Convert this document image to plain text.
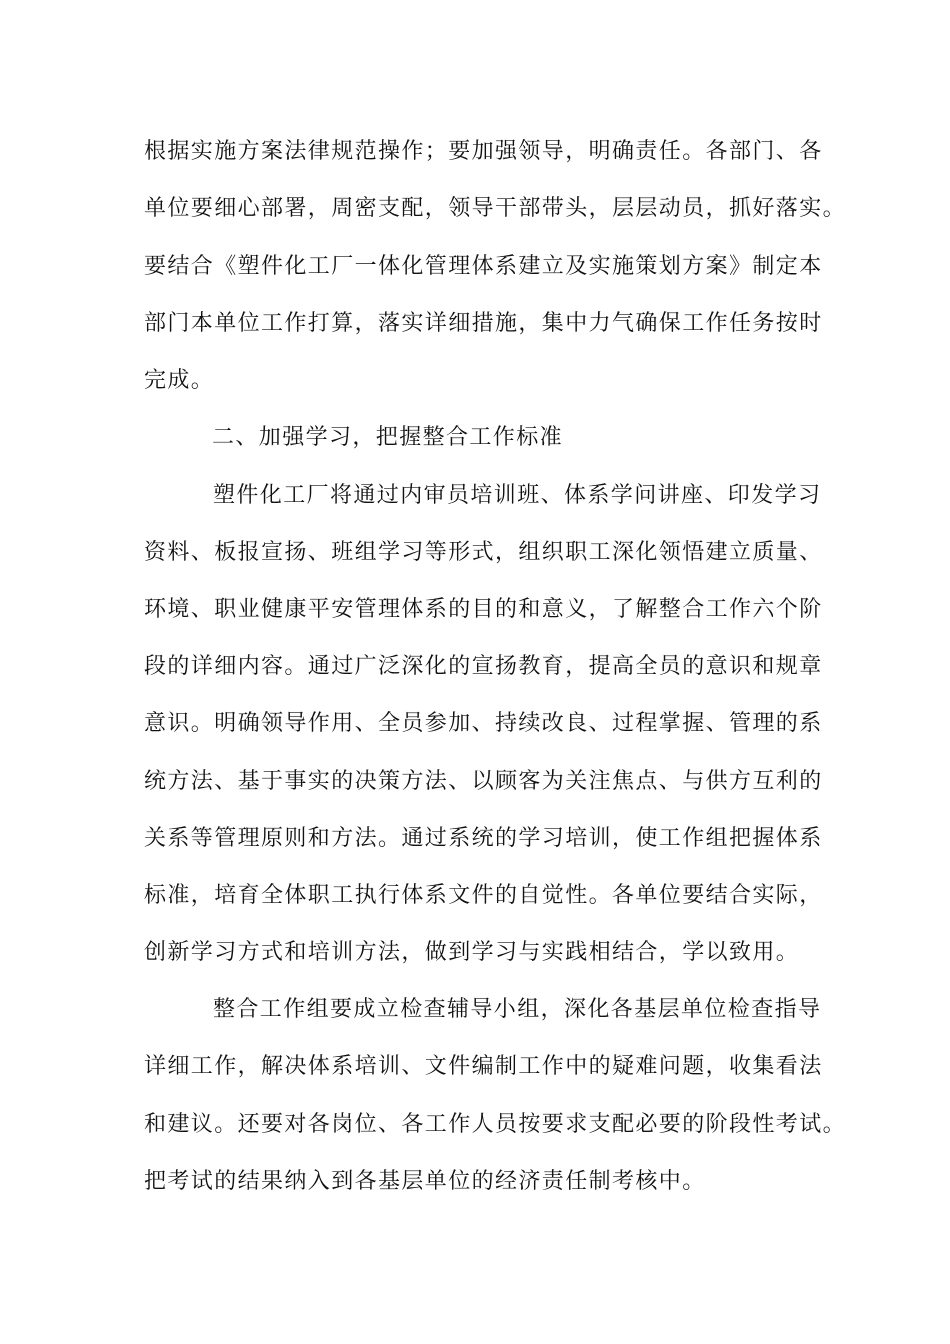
根据实施方案法律规范操作；要加强领导，明确责任。各部门、各
单位要细心部署，周密支配，领导干部带头，层层动员，抓好落实。
要结合《塑件化工厂一体化管理体系建立及实施策划方案》制定本
部门本单位工作打算，落实详细措施，集中力气确保工作任务按时
完成。
二、加强学习，把握整合工作标准
塑件化工厂将通过内审员培训班、体系学问讲座、印发学习
资料、板报宣扬、班组学习等形式，组织职工深化领悟建立质量、
环境、职业健康平安管理体系的目的和意义，了解整合工作六个阶
段的详细内容。通过广泛深化的宣扬教育，提高全员的意识和规章
意识。明确领导作用、全员参加、持续改良、过程掌握、管理的系
统方法、基于事实的决策方法、以顾客为关注焦点、与供方互利的
关系等管理原则和方法。通过系统的学习培训，使工作组把握体系
标准，培育全体职工执行体系文件的自觉性。各单位要结合实际，
创新学习方式和培训方法，做到学习与实践相结合，学以致用。
整合工作组要成立检查辅导小组，深化各基层单位检查指导
详细工作，解决体系培训、文件编制工作中的疑难问题，收集看法
和建议。还要对各岗位、各工作人员按要求支配必要的阶段性考试。
把考试的结果纳入到各基层单位的经济责任制考核中。
